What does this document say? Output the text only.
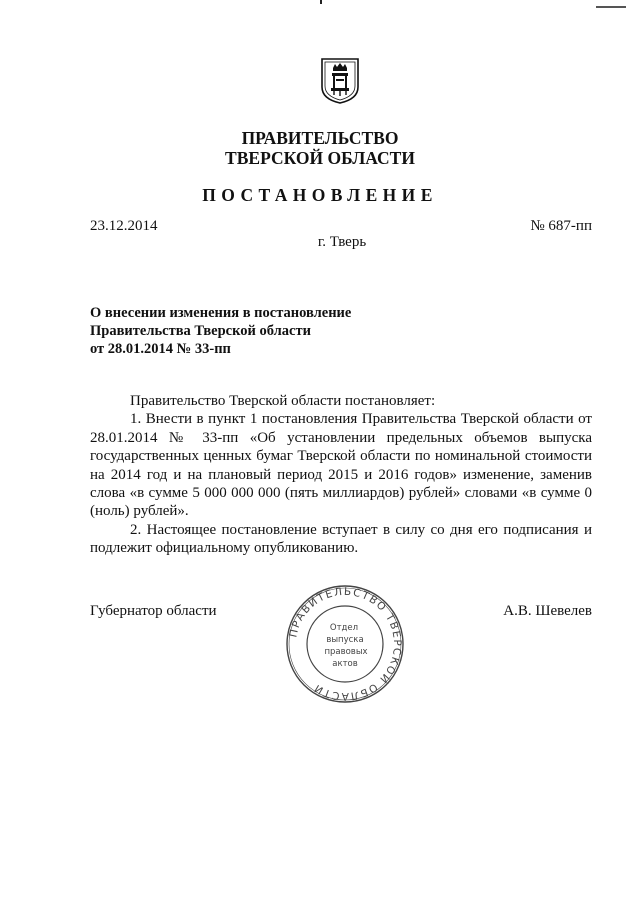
ПРАВИТЕЛЬСТВО
ТВЕРСКОЙ ОБЛАСТИ
ПОСТАНОВЛЕНИЕ
23.12.2014	№ 687-пп
г. Тверь
О внесении изменения в постановление
Правительства Тверской области
от 28.01.2014 № 33-пп

Правительство Тверской области постановляет:

1. Внести в пункт 1 постановления Правительства Тверской области от 28.01.2014 № 33-пп «Об установлении предельных объемов выпуска государственных ценных бумаг Тверской области по номинальной стоимости на 2014 год и на плановый период 2015 и 2016 годов» изменение, заменив слова «в сумме 5 000 000 000 (пять миллиардов) рублей» словами «в сумме 0 (ноль) рублей».

2. Настоящее постановление вступает в силу со дня его подписания и подлежит официальному опубликованию.

Губернатор области	А.В. Шевелев
ПРАВИТЕЛЬСТВО ТВЕРСКОЙ ОБЛАСТИ
Отдел
выпуска
правовых
актов
